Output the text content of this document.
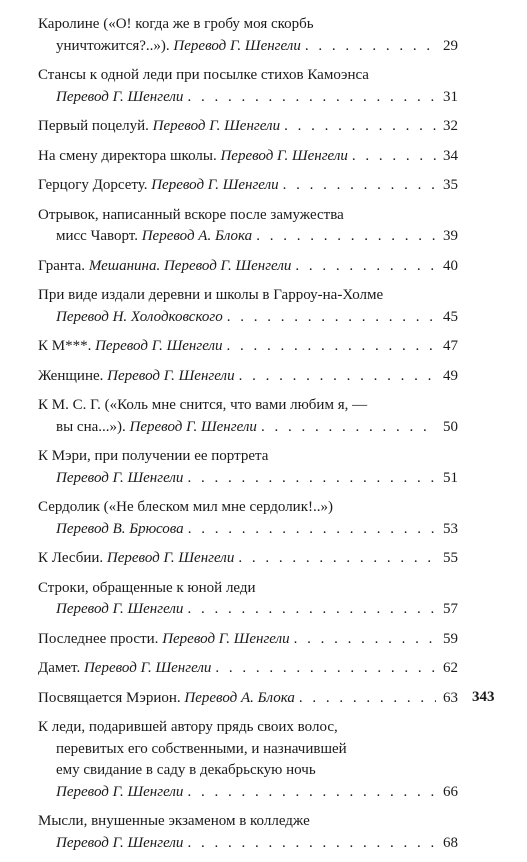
Каролине («О! когда же в гробу моя скорбь
уничтожится?..»). Перевод Г. Шенгели . . .	29
Стансы к одной леди при посылке стихов Камоэнса
Перевод Г. Шенгели . . .	31
Первый поцелуй. Перевод Г. Шенгели . . .	32
На смену директора школы. Перевод Г. Шенгели . . .	34
Герцогу Дорсету. Перевод Г. Шенгели . . .	35
Отрывок, написанный вскоре после замужества
мисс Чаворт. Перевод А. Блока . . .	39
Гранта. Мешанина. Перевод Г. Шенгели . . .	40
При виде издали деревни и школы в Гарроу-на-Холме
Перевод Н. Холодковского . . .	45
К М***. Перевод Г. Шенгели . . .	47
Женщине. Перевод Г. Шенгели . . .	49
К М. С. Г. («Коль мне снится, что вами любим я, —
вы сна...»). Перевод Г. Шенгели . . .	50
К Мэри, при получении ее портрета
Перевод Г. Шенгели . . .	51
Сердолик («Не блеском мил мне сердолик!..»)
Перевод В. Брюсова . . .	53
К Лесбии. Перевод Г. Шенгели . . .	55
Строки, обращенные к юной леди
Перевод Г. Шенгели . . .	57
Последнее прости. Перевод Г. Шенгели . . .	59
Дамет. Перевод Г. Шенгели . . .	62
Посвящается Мэрион. Перевод А. Блока . . .	63
К леди, подарившей автору прядь своих волос,
перевитых его собственными, и назначившей
ему свидание в саду в декабрьскую ночь
Перевод Г. Шенгели . . .	66
Мысли, внушенные экзаменом в колледже
Перевод Г. Шенгели . . .	68
343
